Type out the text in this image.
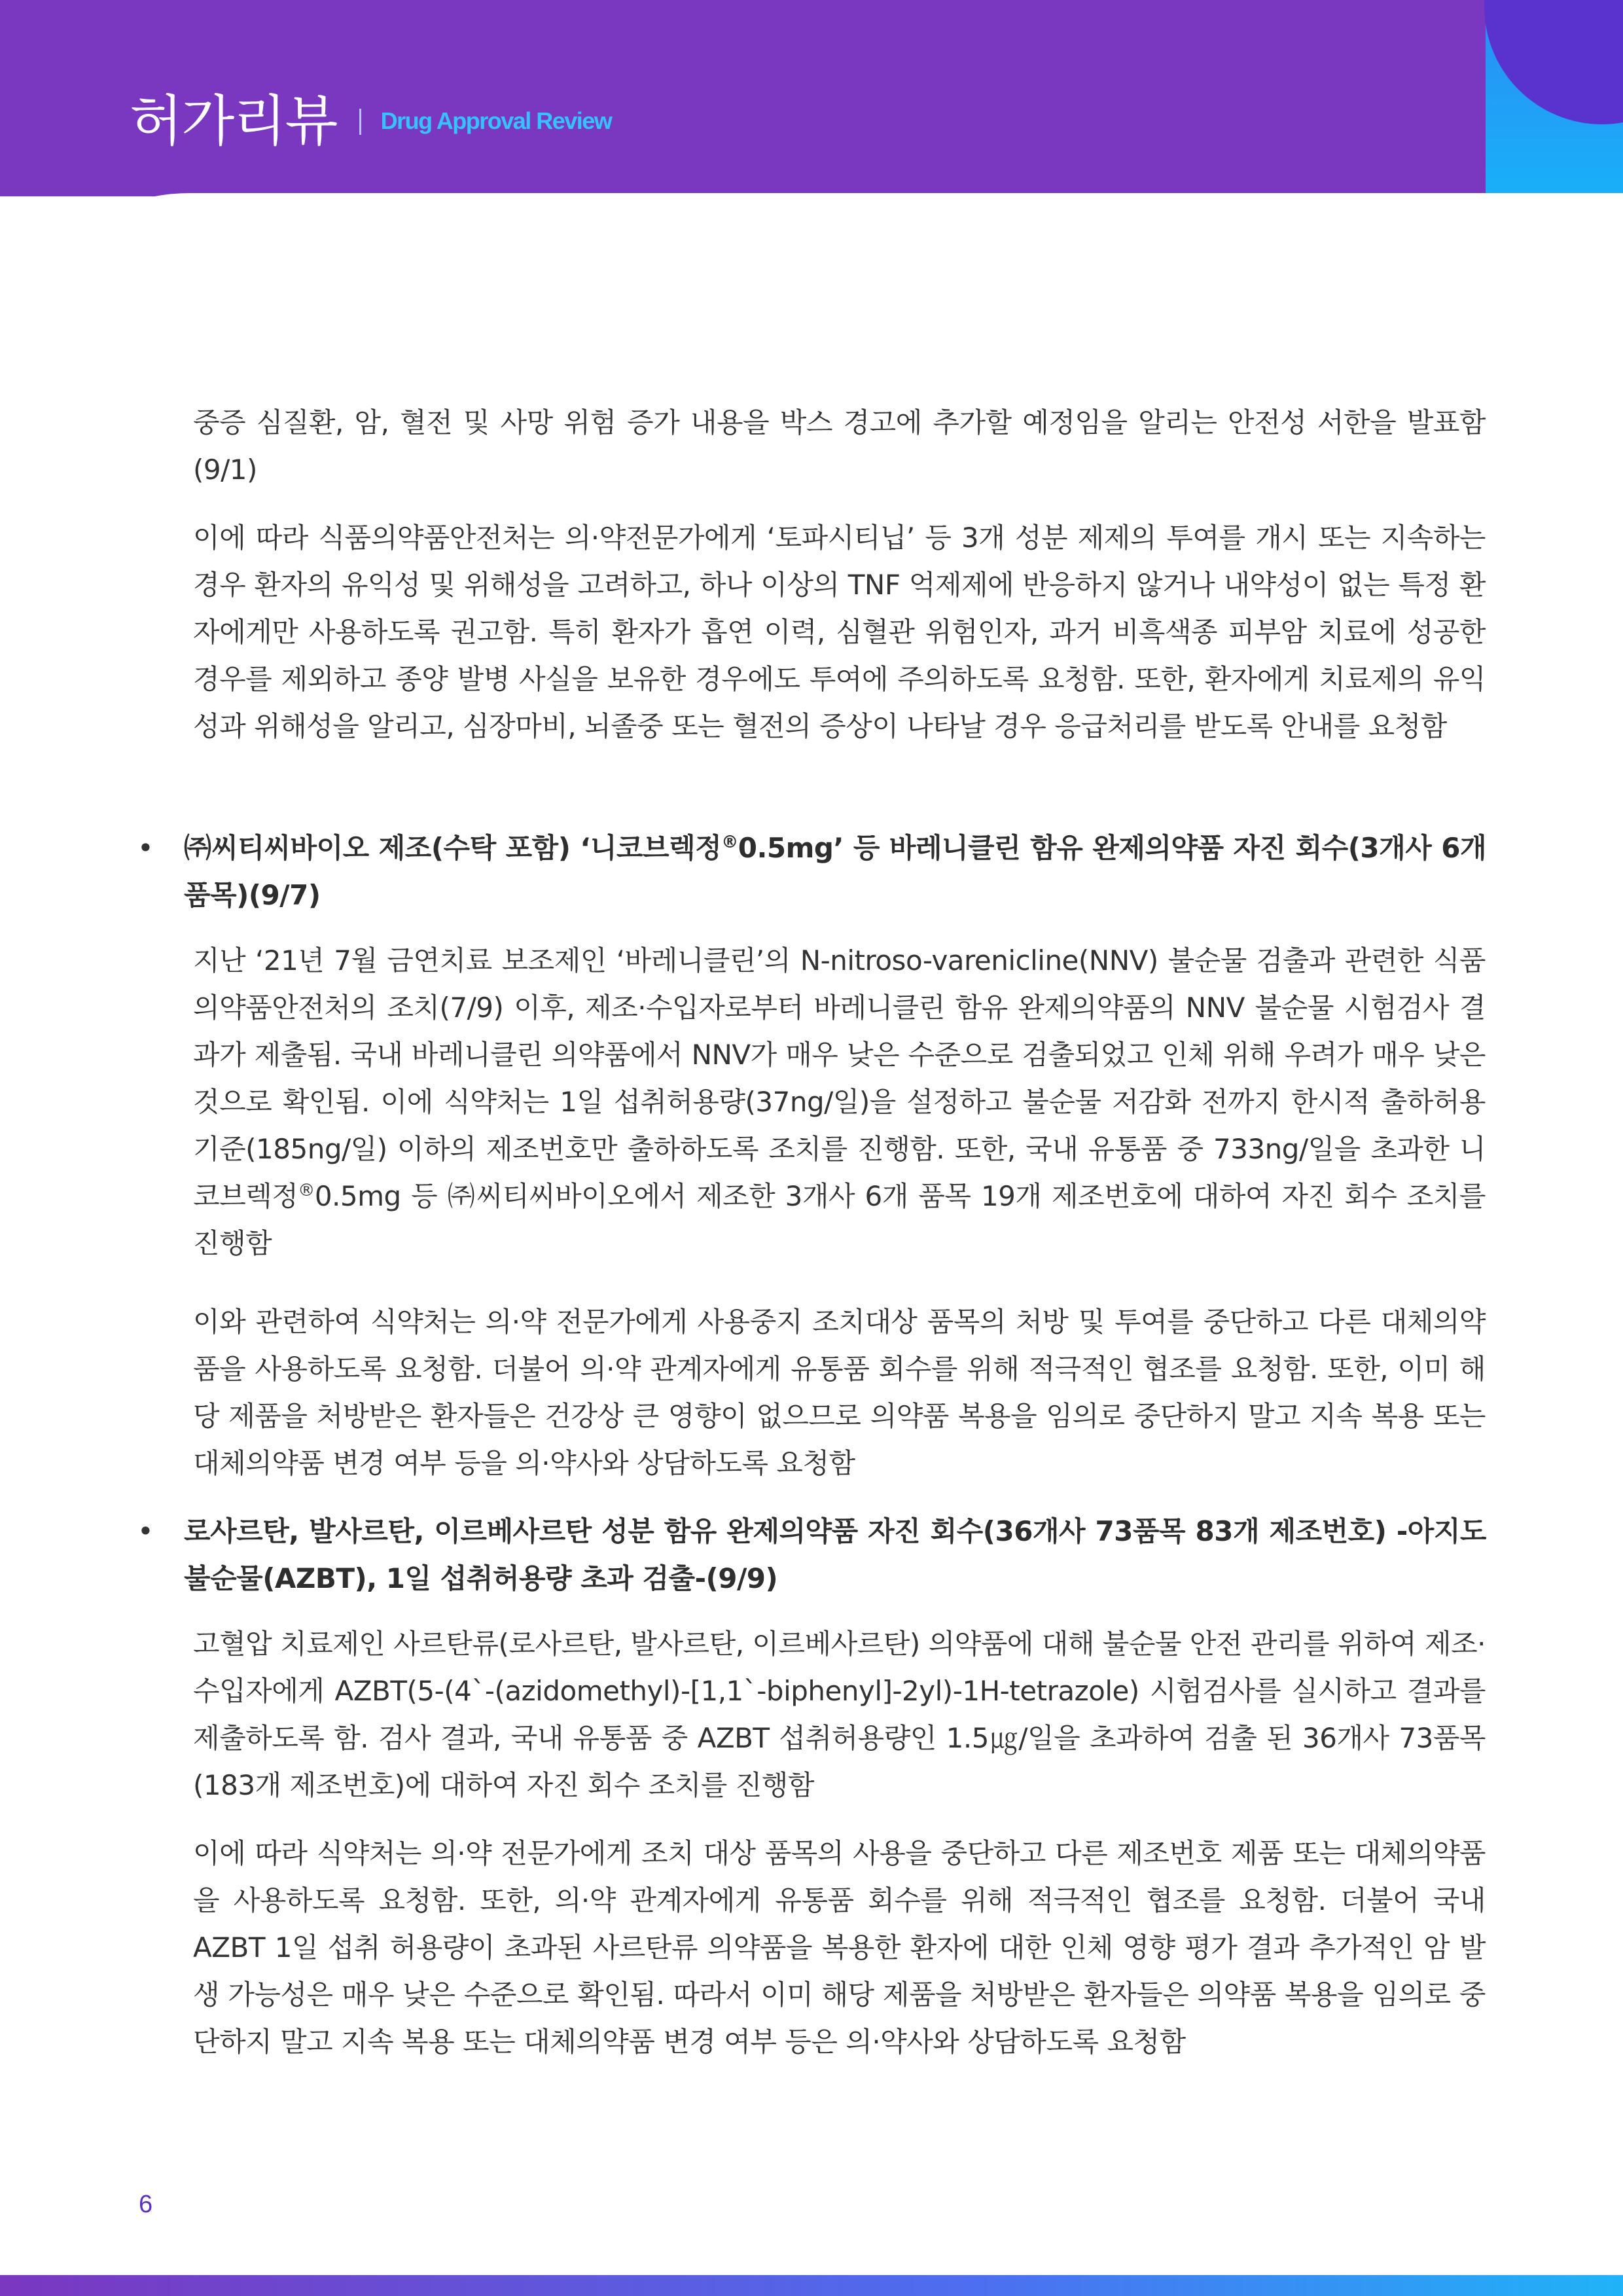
허가리뷰 Drug Approval Review
중증 심질환, 암, 혈전 및 사망 위험 증가 내용을 박스 경고에 추가할 예정임을 알리는 안전성 서한을 발표함(9/1)
이에 따라 식품의약품안전처는 의·약전문가에게 ‘토파시티닙’ 등 3개 성분 제제의 투여를 개시 또는 지속하는 경우 환자의 유익성 및 위해성을 고려하고, 하나 이상의 TNF 억제제에 반응하지 않거나 내약성이 없는 특정 환자에게만 사용하도록 권고함. 특히 환자가 흡연 이력, 심혈관 위험인자, 과거 비흑색종 피부암 치료에 성공한 경우를 제외하고 종양 발병 사실을 보유한 경우에도 투여에 주의하도록 요청함. 또한, 환자에게 치료제의 유익성과 위해성을 알리고, 심장마비, 뇌졸중 또는 혈전의 증상이 나타날 경우 응급처리를 받도록 안내를 요청함
• ㈜씨티씨바이오 제조(수탁 포함) ‘니코브렉정®0.5mg’ 등 바레니클린 함유 완제의약품 자진 회수(3개사 6개 품목)(9/7)
지난 ‘21년 7월 금연치료 보조제인 ‘바레니클린’의 N-nitroso-varenicline(NNV) 불순물 검출과 관련한 식품의약품안전처의 조치(7/9) 이후, 제조·수입자로부터 바레니클린 함유 완제의약품의 NNV 불순물 시험검사 결과가 제출됨. 국내 바레니클린 의약품에서 NNV가 매우 낮은 수준으로 검출되었고 인체 위해 우려가 매우 낮은 것으로 확인됨. 이에 식약처는 1일 섭취허용량(37ng/일)을 설정하고 불순물 저감화 전까지 한시적 출하허용 기준(185ng/일) 이하의 제조번호만 출하하도록 조치를 진행함. 또한, 국내 유통품 중 733ng/일을 초과한 니코브렉정®0.5mg 등 ㈜씨티씨바이오에서 제조한 3개사 6개 품목 19개 제조번호에 대하여 자진 회수 조치를 진행함
이와 관련하여 식약처는 의·약 전문가에게 사용중지 조치대상 품목의 처방 및 투여를 중단하고 다른 대체의약품을 사용하도록 요청함. 더불어 의·약 관계자에게 유통품 회수를 위해 적극적인 협조를 요청함. 또한, 이미 해당 제품을 처방받은 환자들은 건강상 큰 영향이 없으므로 의약품 복용을 임의로 중단하지 말고 지속 복용 또는 대체의약품 변경 여부 등을 의·약사와 상담하도록 요청함
• 로사르탄, 발사르탄, 이르베사르탄 성분 함유 완제의약품 자진 회수(36개사 73품목 83개 제조번호) -아지도 불순물(AZBT), 1일 섭취허용량 초과 검출-(9/9)
고혈압 치료제인 사르탄류(로사르탄, 발사르탄, 이르베사르탄) 의약품에 대해 불순물 안전 관리를 위하여 제조·수입자에게 AZBT(5-(4`-(azidomethyl)-[1,1`-biphenyl]-2yl)-1H-tetrazole) 시험검사를 실시하고 결과를 제출하도록 함. 검사 결과, 국내 유통품 중 AZBT 섭취허용량인 1.5㎍/일을 초과하여 검출 된 36개사 73품목(183개 제조번호)에 대하여 자진 회수 조치를 진행함
이에 따라 식약처는 의·약 전문가에게 조치 대상 품목의 사용을 중단하고 다른 제조번호 제품 또는 대체의약품을 사용하도록 요청함. 또한, 의·약 관계자에게 유통품 회수를 위해 적극적인 협조를 요청함. 더불어 국내 AZBT 1일 섭취 허용량이 초과된 사르탄류 의약품을 복용한 환자에 대한 인체 영향 평가 결과 추가적인 암 발생 가능성은 매우 낮은 수준으로 확인됨. 따라서 이미 해당 제품을 처방받은 환자들은 의약품 복용을 임의로 중단하지 말고 지속 복용 또는 대체의약품 변경 여부 등은 의·약사와 상담하도록 요청함
6
